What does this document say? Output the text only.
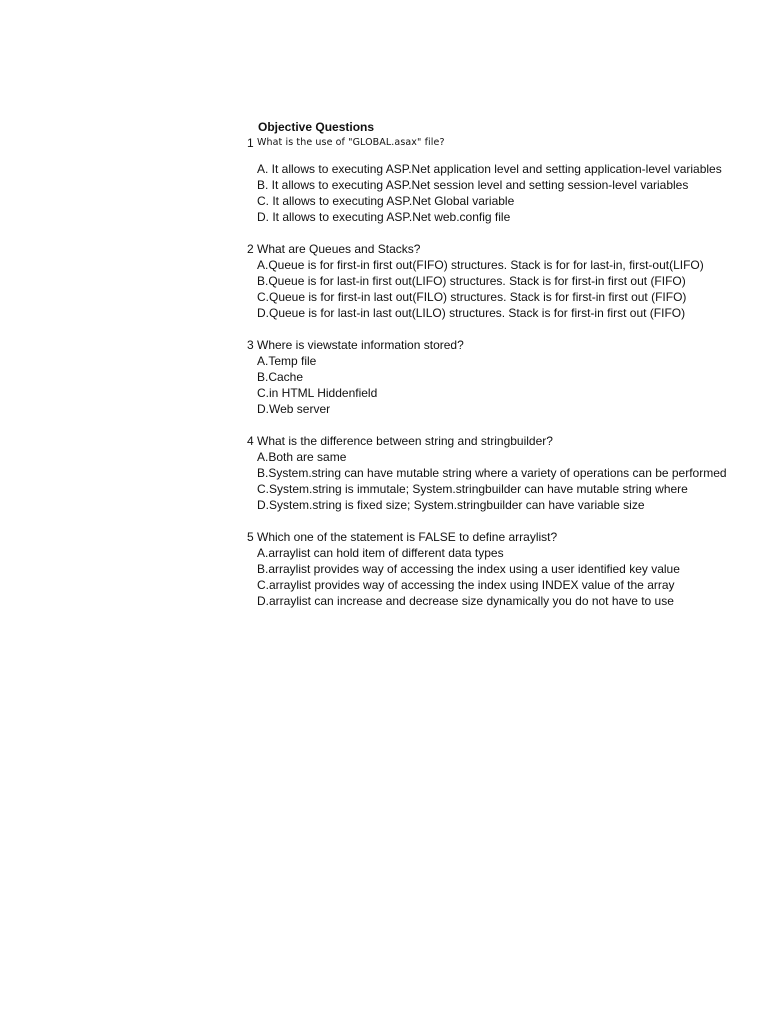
Objective Questions
1 What is the use of "GLOBAL.asax" file?
A. It allows to executing ASP.Net application level and setting application-level variables
B. It allows to executing ASP.Net session level and setting session-level variables
C. It allows to executing ASP.Net Global variable
D. It allows to executing ASP.Net web.config file
2 What are Queues and Stacks?
A.Queue is for first-in first out(FIFO) structures. Stack is for for last-in, first-out(LIFO)
B.Queue is for last-in first out(LIFO) structures. Stack is for first-in first out (FIFO)
C.Queue is for first-in last out(FILO) structures. Stack is for first-in first out (FIFO)
D.Queue is for last-in last out(LILO) structures. Stack is for first-in first out (FIFO)
3 Where is viewstate information stored?
A.Temp file
B.Cache
C.in HTML Hiddenfield
D.Web server
4 What is the difference between string and stringbuilder?
A.Both are same
B.System.string can have mutable string where a variety of operations can be performed
C.System.string is immutale; System.stringbuilder can have mutable string where
D.System.string is fixed size; System.stringbuilder can have variable size
5 Which one of the statement is FALSE to define arraylist?
A.arraylist can hold item of different data types
B.arraylist provides way of accessing the index using a user identified key value
C.arraylist provides way of accessing the index using INDEX value of the array
D.arraylist can increase and decrease size dynamically you do not have to use
